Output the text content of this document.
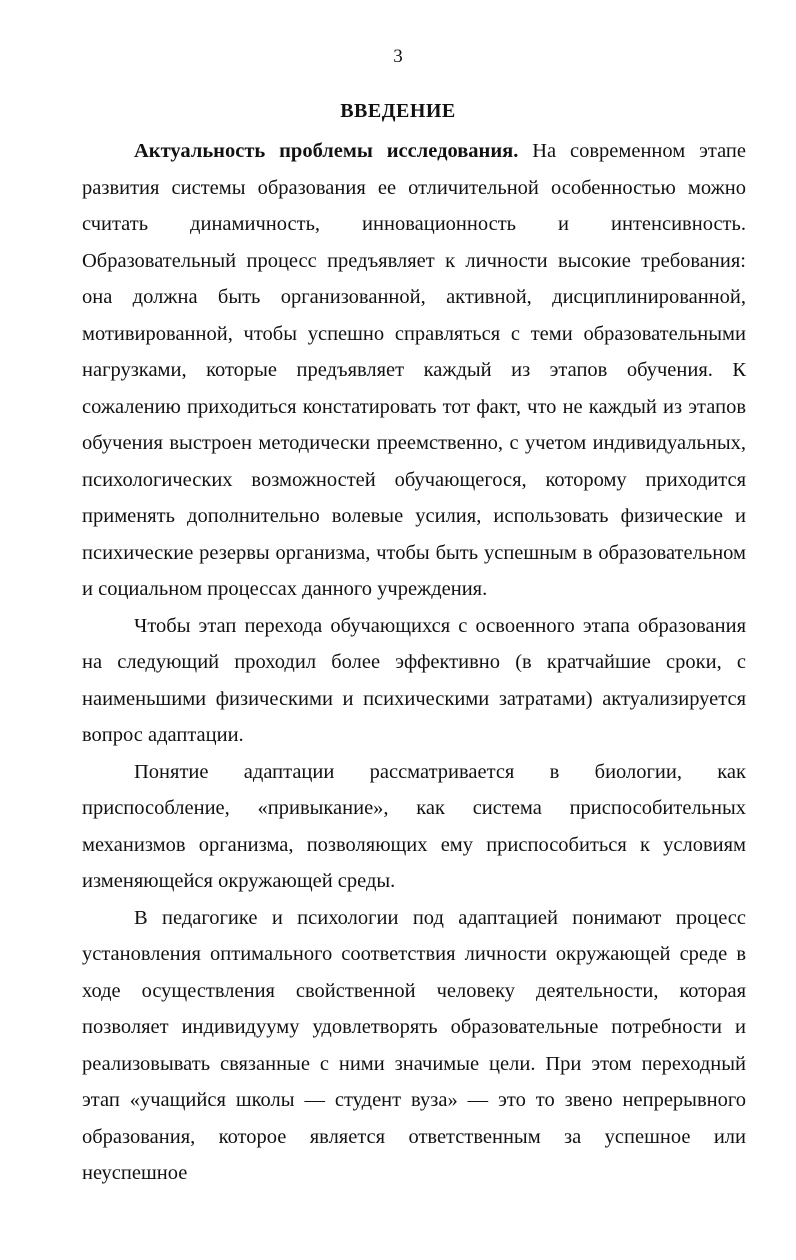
3
ВВЕДЕНИЕ

Актуальность проблемы исследования. На современном этапе развития системы образования ее отличительной особенностью можно считать динамичность, инновационность и интенсивность. Образовательный процесс предъявляет к личности высокие требования: она должна быть организованной, активной, дисциплинированной, мотивированной, чтобы успешно справляться с теми образовательными нагрузками, которые предъявляет каждый из этапов обучения. К сожалению приходиться констатировать тот факт, что не каждый из этапов обучения выстроен методически преемственно, с учетом индивидуальных, психологических возможностей обучающегося, которому приходится применять дополнительно волевые усилия, использовать физические и психические резервы организма, чтобы быть успешным в образовательном и социальном процессах данного учреждения.

Чтобы этап перехода обучающихся с освоенного этапа образования на следующий проходил более эффективно (в кратчайшие сроки, с наименьшими физическими и психическими затратами) актуализируется вопрос адаптации.

Понятие адаптации рассматривается в биологии, как приспособление, «привыкание», как система приспособительных механизмов организма, позволяющих ему приспособиться к условиям изменяющейся окружающей среды.

В педагогике и психологии под адаптацией понимают процесс установления оптимального соответствия личности окружающей среде в ходе осуществления свойственной человеку деятельности, которая позволяет индивидууму удовлетворять образовательные потребности и реализовывать связанные с ними значимые цели. При этом переходный этап «учащийся школы — студент вуза» — это то звено непрерывного образования, которое является ответственным за успешное или неуспешное
